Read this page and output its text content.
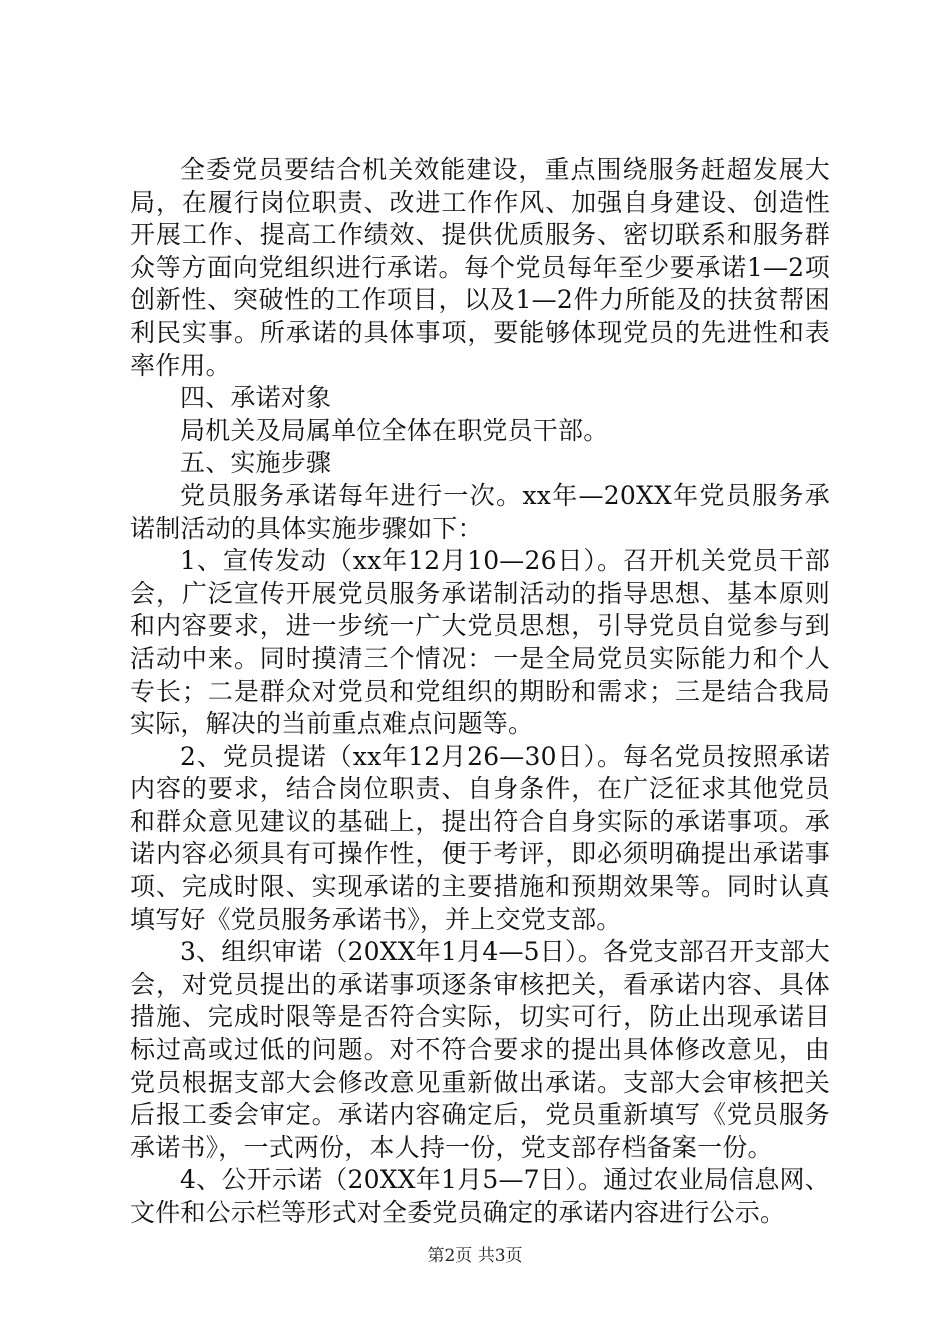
全委党员要结合机关效能建设，重点围绕服务赶超发展大局，在履行岗位职责、改进工作作风、加强自身建设、创造性开展工作、提高工作绩效、提供优质服务、密切联系和服务群众等方面向党组织进行承诺。每个党员每年至少要承诺1—2项创新性、突破性的工作项目，以及1—2件力所能及的扶贫帮困利民实事。所承诺的具体事项，要能够体现党员的先进性和表率作用。

四、承诺对象

局机关及局属单位全体在职党员干部。

五、实施步骤

党员服务承诺每年进行一次。xx年—20XX年党员服务承诺制活动的具体实施步骤如下：

1、宣传发动（xx年12月10—26日）。召开机关党员干部会，广泛宣传开展党员服务承诺制活动的指导思想、基本原则和内容要求，进一步统一广大党员思想，引导党员自觉参与到活动中来。同时摸清三个情况：一是全局党员实际能力和个人专长；二是群众对党员和党组织的期盼和需求；三是结合我局实际，解决的当前重点难点问题等。

2、党员提诺（xx年12月26—30日）。每名党员按照承诺内容的要求，结合岗位职责、自身条件，在广泛征求其他党员和群众意见建议的基础上，提出符合自身实际的承诺事项。承诺内容必须具有可操作性，便于考评，即必须明确提出承诺事项、完成时限、实现承诺的主要措施和预期效果等。同时认真填写好《党员服务承诺书》，并上交党支部。

3、组织审诺（20XX年1月4—5日）。各党支部召开支部大会，对党员提出的承诺事项逐条审核把关，看承诺内容、具体措施、完成时限等是否符合实际，切实可行，防止出现承诺目标过高或过低的问题。对不符合要求的提出具体修改意见，由党员根据支部大会修改意见重新做出承诺。支部大会审核把关后报工委会审定。承诺内容确定后，党员重新填写《党员服务承诺书》，一式两份，本人持一份，党支部存档备案一份。

4、公开示诺（20XX年1月5—7日）。通过农业局信息网、文件和公示栏等形式对全委党员确定的承诺内容进行公示。

第2页 共3页
